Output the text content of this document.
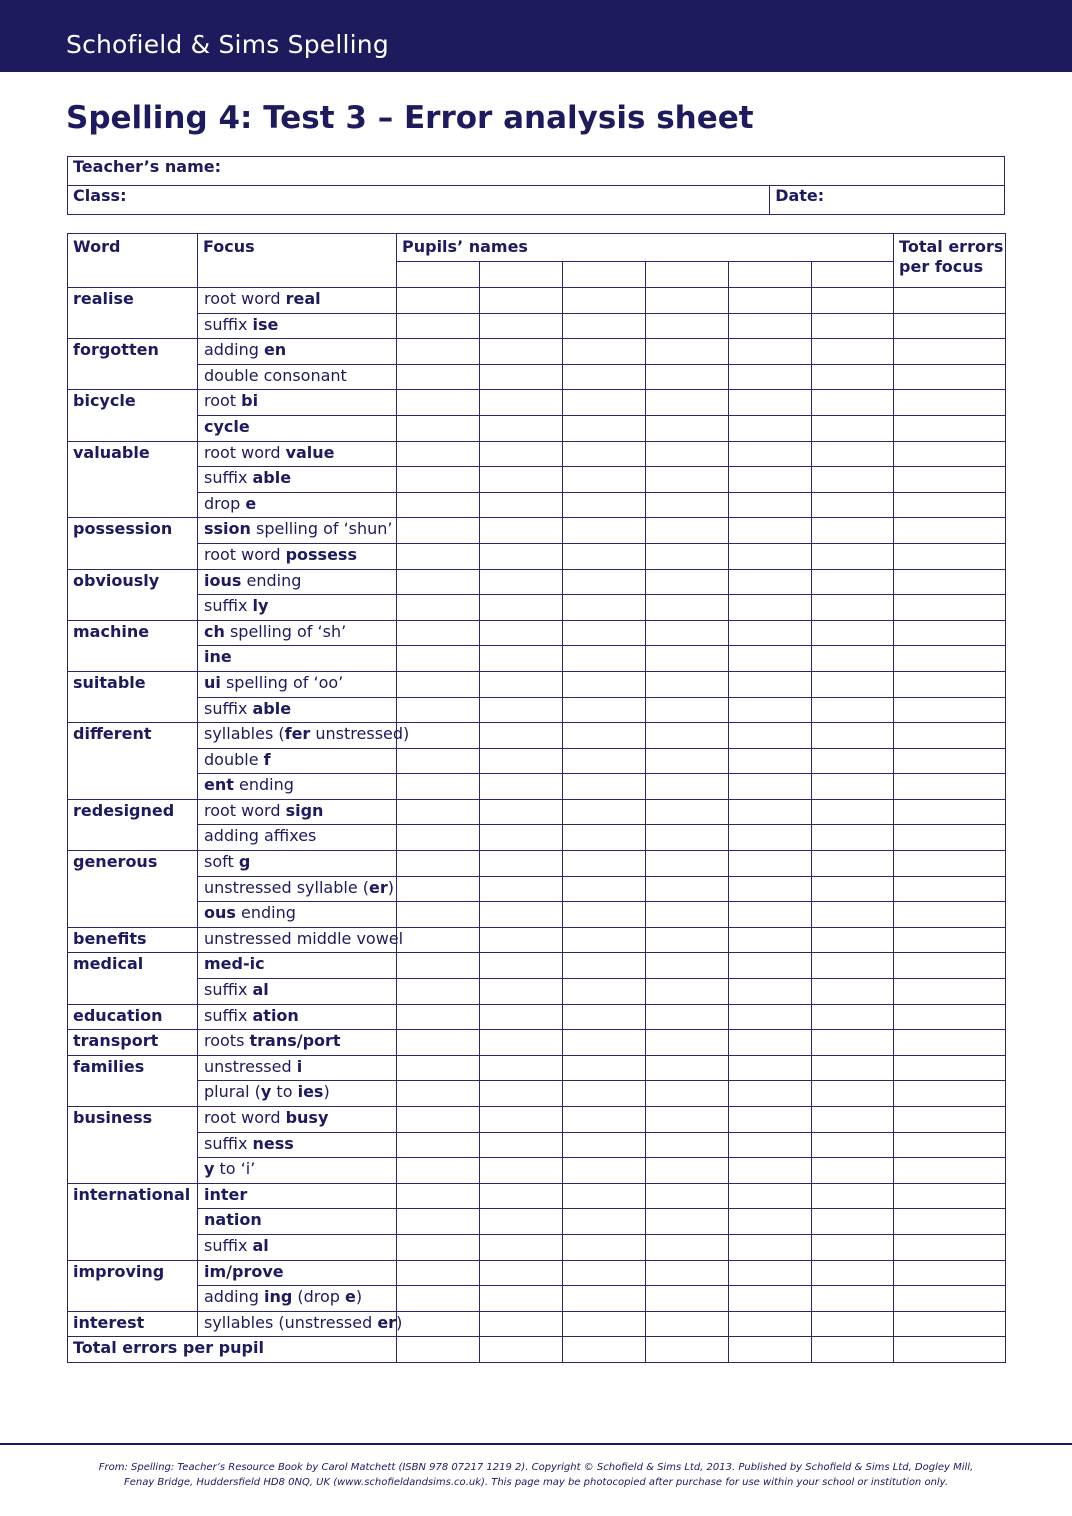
Schofield & Sims Spelling
Spelling 4: Test 3 – Error analysis sheet
Teacher’s name:
Class:	Date:
Word	Focus	Pupils’ names						Total errors per focus

realise	root word real							
	suffix ise							
forgotten	adding en							
	double consonant							
bicycle	root bi							
	cycle							
valuable	root word value							
	suffix able							
	drop e							
possession	ssion spelling of ‘shun’							
	root word possess							
obviously	ious ending							
	suffix ly							
machine	ch spelling of ‘sh’							
	ine							
suitable	ui spelling of ‘oo’							
	suffix able							
different	syllables (fer unstressed)							
	double f							
	ent ending							
redesigned	root word sign							
	adding affixes							
generous	soft g							
	unstressed syllable (er)							
	ous ending							
benefits	unstressed middle vowel							
medical	med-ic							
	suffix al							
education	suffix ation							
transport	roots trans/port							
families	unstressed i							
	plural (y to ies)							
business	root word busy							
	suffix ness							
	y to ‘i’							
international	inter							
	nation							
	suffix al							
improving	im/prove							
	adding ing (drop e)							
interest	syllables (unstressed er)							
Total errors per pupil								
From: Spelling: Teacher’s Resource Book by Carol Matchett (ISBN 978 07217 1219 2). Copyright © Schofield & Sims Ltd, 2013. Published by Schofield & Sims Ltd, Dogley Mill,
Fenay Bridge, Huddersfield HD8 0NQ, UK (www.schofieldandsims.co.uk). This page may be photocopied after purchase for use within your school or institution only.
